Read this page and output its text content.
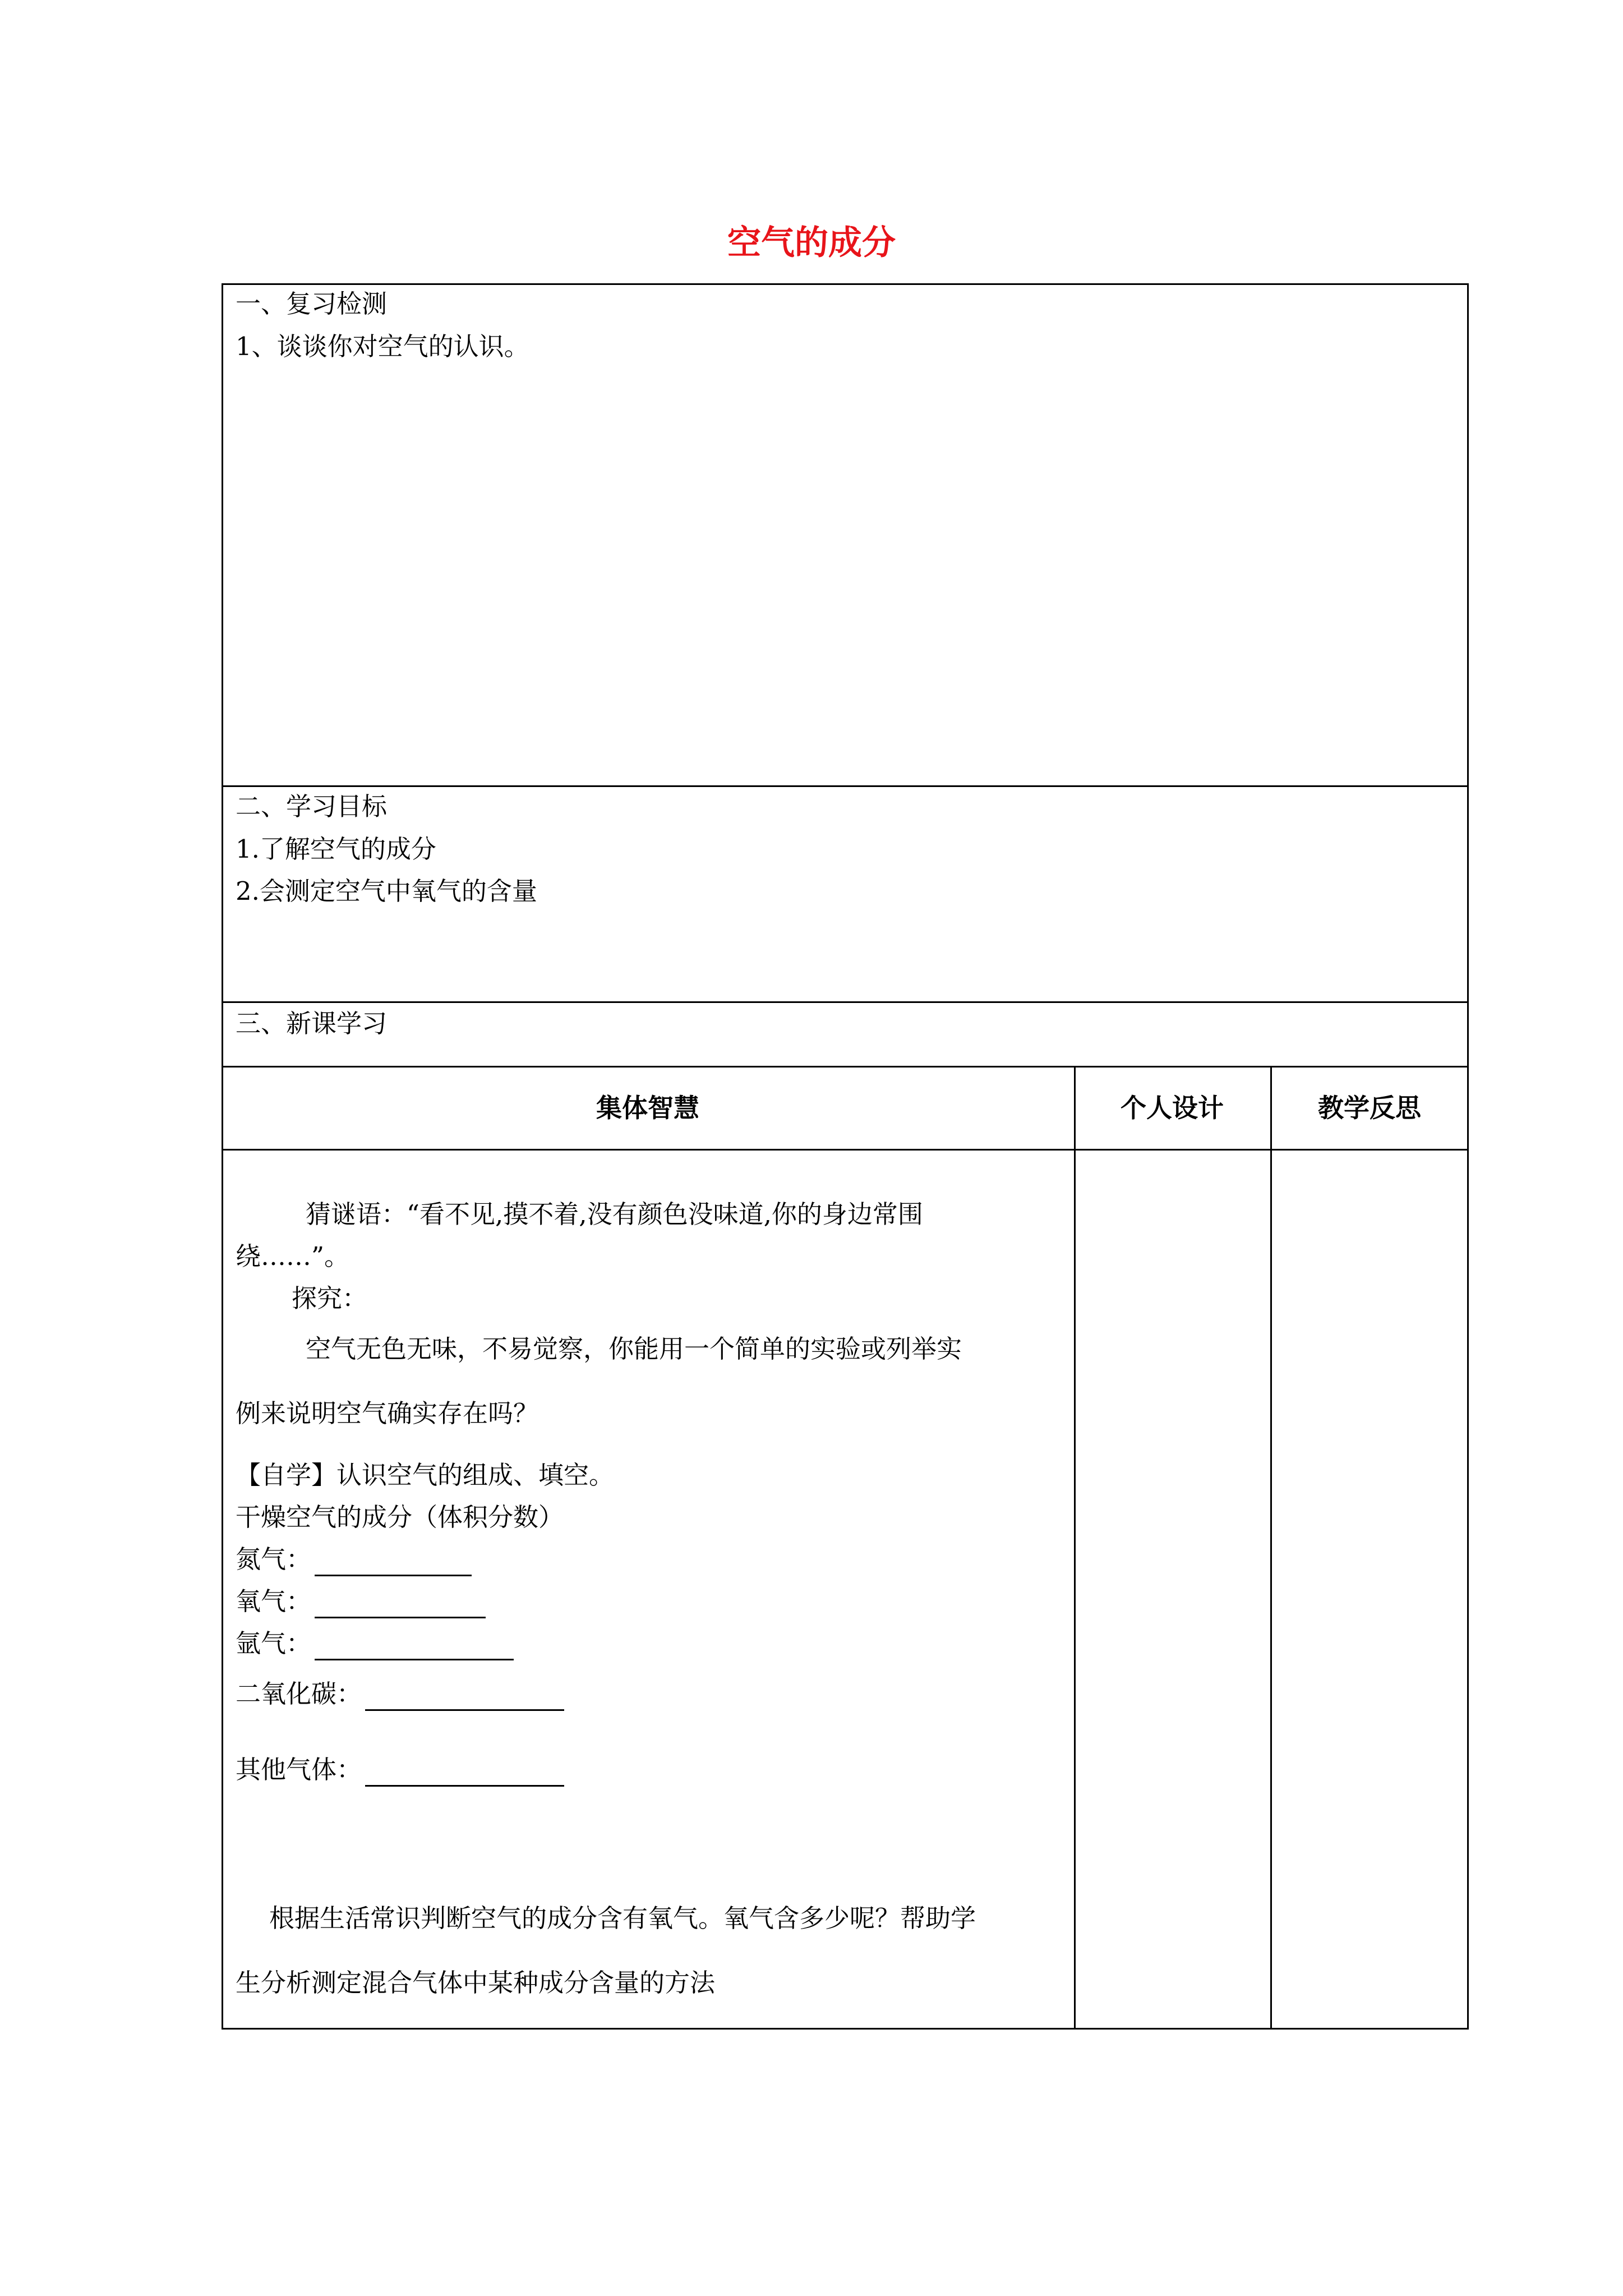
空气的成分
一、复习检测
1、谈谈你对空气的认识。
二、学习目标
1.了解空气的成分
2.会测定空气中氧气的含量
三、新课学习
集体智慧	个人设计	教学反思
猜谜语：“看不见,摸不着,没有颜色没味道,你的身边常围
绕……”。
探究：
空气无色无味，不易觉察，你能用一个简单的实验或列举实
例来说明空气确实存在吗？
【自学】认识空气的组成、填空。
干燥空气的成分（体积分数）
氮气：
氧气：
氩气：
二氧化碳：
其他气体：
根据生活常识判断空气的成分含有氧气。氧气含多少呢？帮助学
生分析测定混合气体中某种成分含量的方法
